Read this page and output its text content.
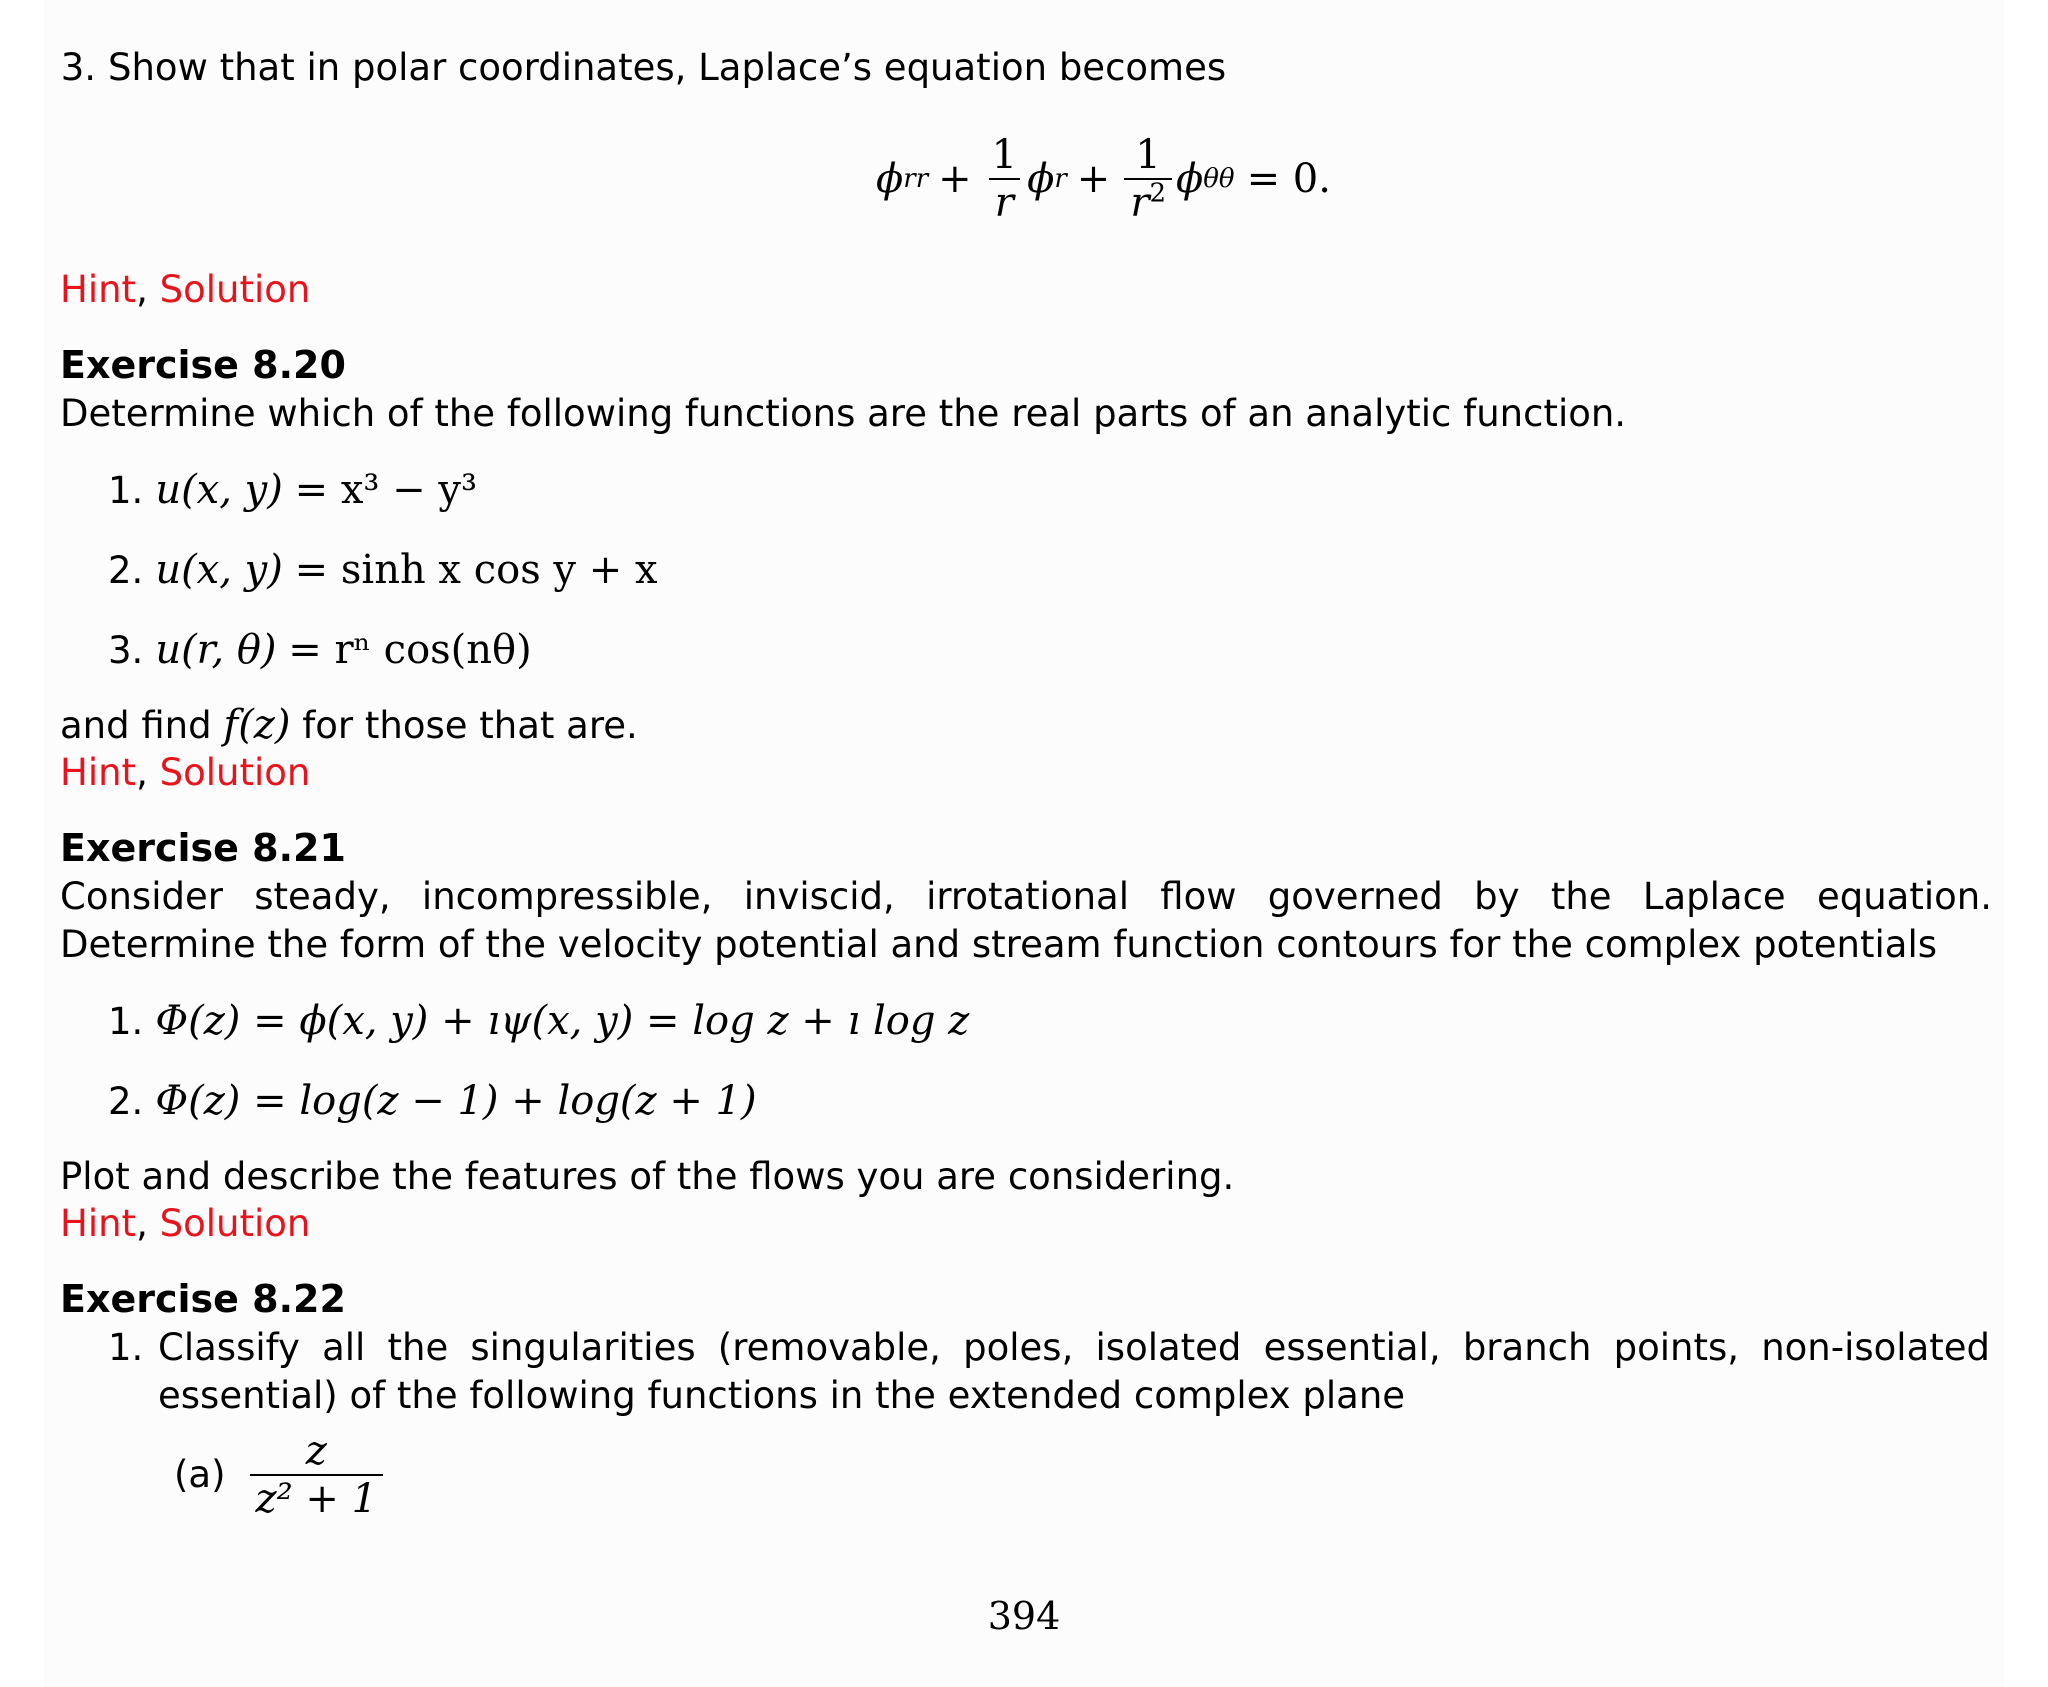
3. Show that in polar coordinates, Laplace’s equation becomes
ϕ rr + $\frac{1}{r}$ ϕ $r + \frac{1}{r^2}$ ϕ θθ = 0.
Hint, Solution
Exercise 8.20
Determine which of the following functions are the real parts of an analytic function.
1. u(x, y) = x³ − y³
2. u(x, y) = sinh x cos y + x
3. u(r, θ) = rⁿ cos(nθ)
and find f(z) for those that are.
Hint, Solution
Exercise 8.21
Consider steady, incompressible, inviscid, irrotational flow governed by the Laplace equation. Determine the form of the velocity potential and stream function contours for the complex potentials
1. Φ(z) = ϕ(x, y) + ıψ(x, y) = log z + ı log z
2. Φ(z) = log(z − 1) + log(z + 1)
Plot and describe the features of the flows you are considering.
Hint, Solution
Exercise 8.22
1. Classify all the singularities (removable, poles, isolated essential, branch points, non-isolated essential) of the following functions in the extended complex plane
$(a) \frac{z}{\text{z² + 1}}$
394
